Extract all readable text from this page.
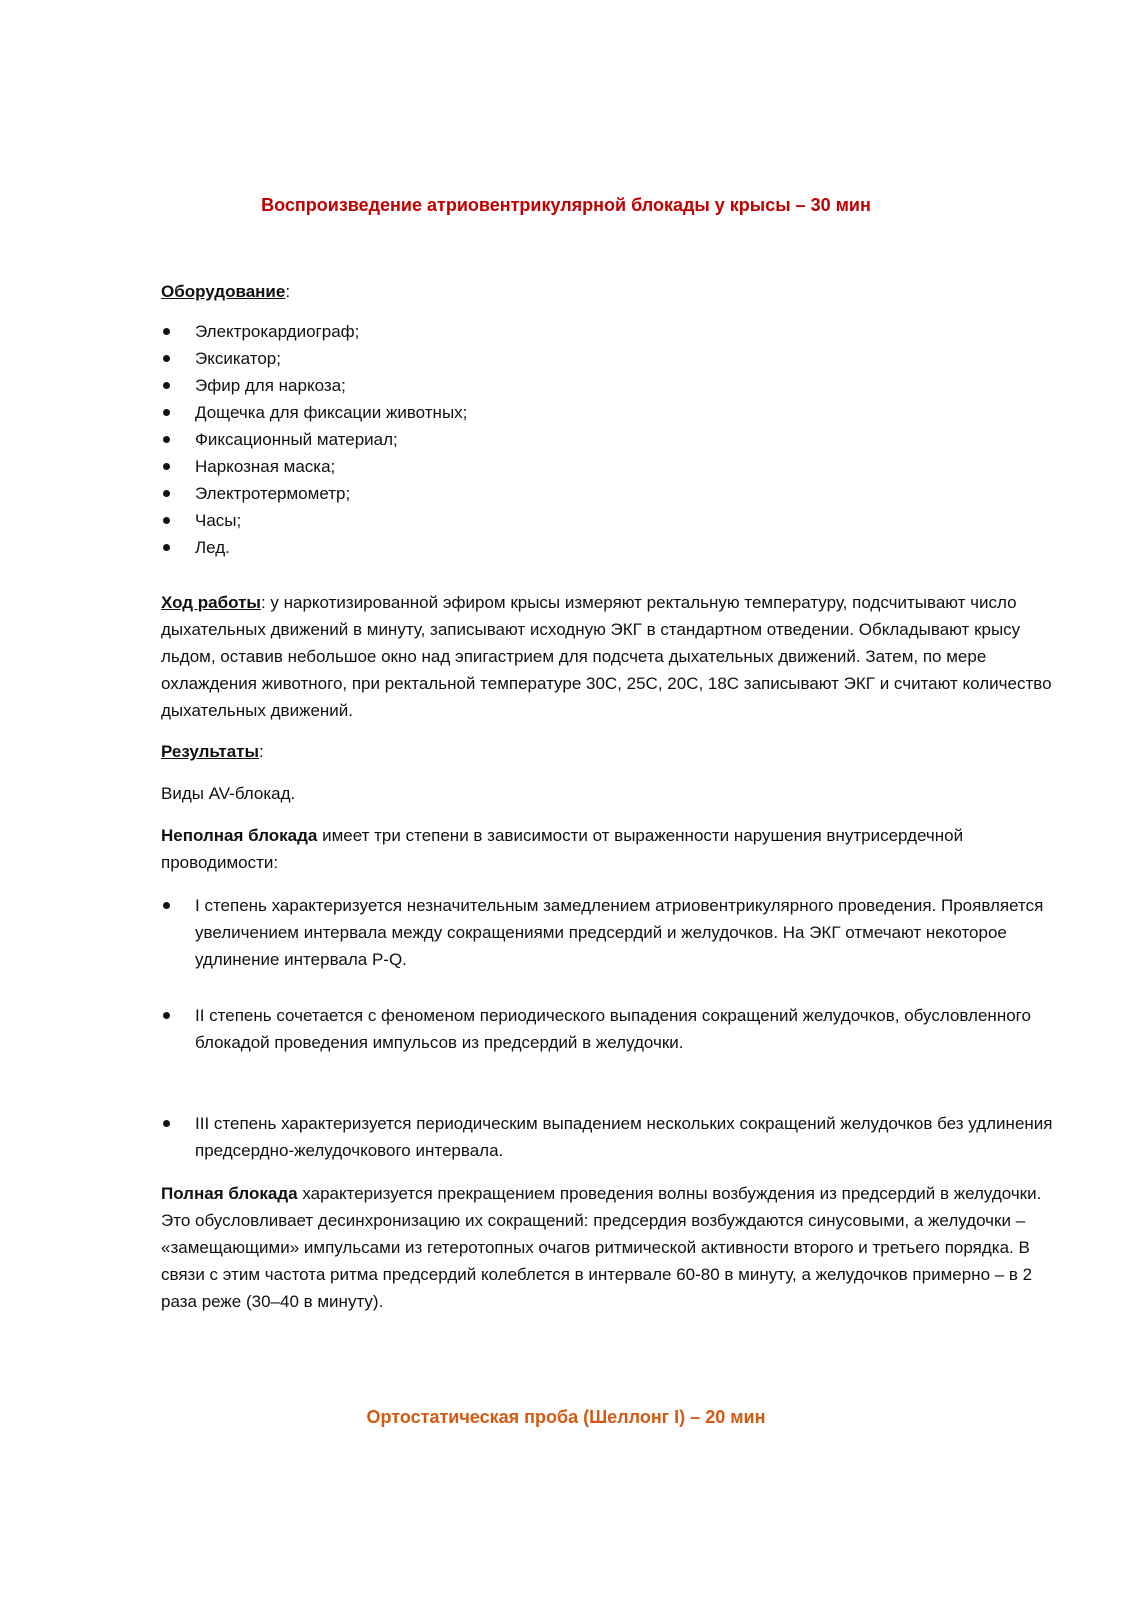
Воспроизведение атриовентрикулярной блокады у крысы – 30 мин

Оборудование:

Электрокардиограф;
Эксикатор;
Эфир для наркоза;
Дощечка для фиксации животных;
Фиксационный материал;
Наркозная маска;
Электротермометр;
Часы;
Лед.

Ход работы: у наркотизированной эфиром крысы измеряют ректальную температуру, подсчитывают число дыхательных движений в минуту, записывают исходную ЭКГ в стандартном отведении. Обкладывают крысу льдом, оставив небольшое окно над эпигастрием для подсчета дыхательных движений. Затем, по мере охлаждения животного, при ректальной температуре 30С, 25С, 20С, 18С записывают ЭКГ и считают количество дыхательных движений.

Результаты:

Виды AV-блокад.

Неполная блокада имеет три степени в зависимости от выраженности нарушения внутрисердечной проводимости:

I степень характеризуется незначительным замедлением атриовентрикулярного проведения. Проявляется увеличением интервала между сокращениями предсердий и желудочков. На ЭКГ отмечают некоторое удлинение интервала P-Q.
II степень сочетается с феноменом периодического выпадения сокращений желудочков, обусловленного блокадой проведения импульсов из предсердий в желудочки.
III степень характеризуется периодическим выпадением нескольких сокращений желудочков без удлинения предсердно-желудочкового интервала.

Полная блокада характеризуется прекращением проведения волны возбуждения из предсердий в желудочки. Это обусловливает десинхронизацию их сокращений: предсердия возбуждаются синусовыми, а желудочки – «замещающими» импульсами из гетеротопных очагов ритмической активности второго и третьего порядка. В связи с этим частота ритма предсердий колеблется в интервале 60-80 в минуту, а желудочков примерно – в 2 раза реже (30–40 в минуту).

Ортостатическая проба (Шеллонг I) – 20 мин
